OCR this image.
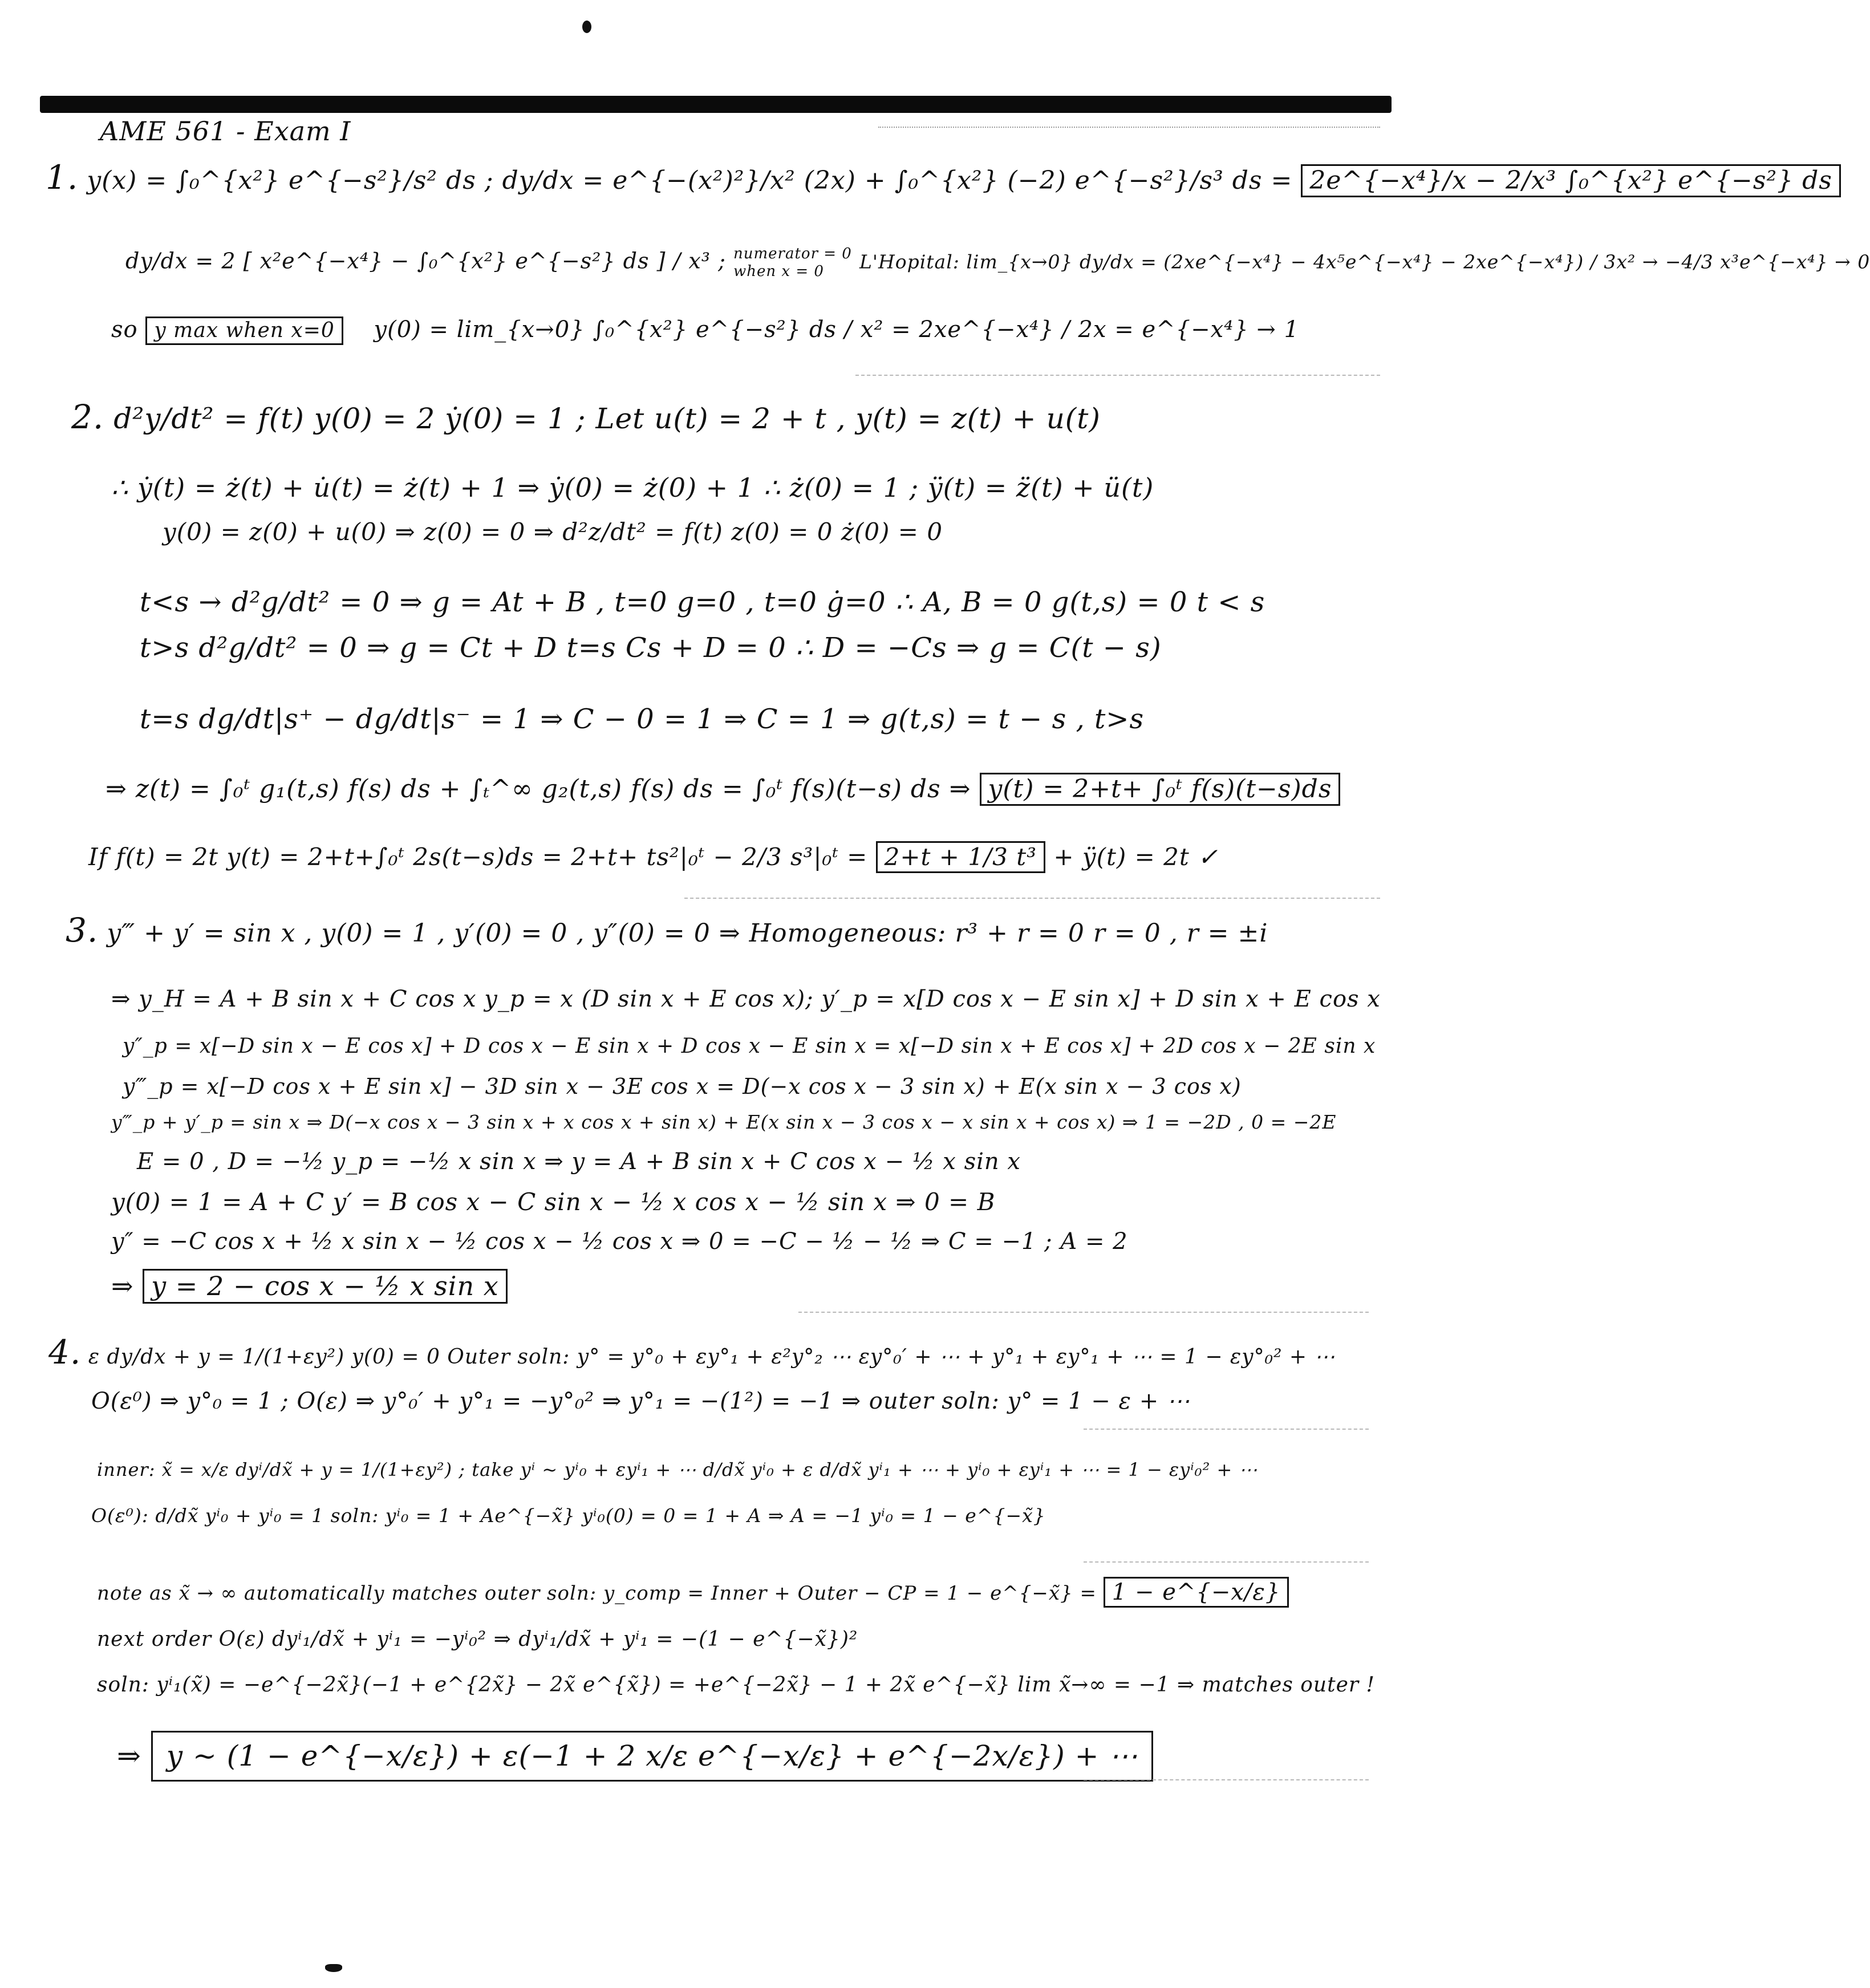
AME 561 - Exam I
1. y(x) = ∫₀^{x²} e^{−s²}/s² ds ; dy/dx = e^{−(x²)²}/x² (2x) + ∫₀^{x²} (−2) e^{−s²}/s³ ds = 2e^{−x⁴}/x − 2/x³ ∫₀^{x²} e^{−s²} ds
dy/dx = 2 [ x²e^{−x⁴} − ∫₀^{x²} e^{−s²} ds ] / x³ ; numerator = 0
when x = 0	L'Hopital: lim_{x→0} dy/dx = (2xe^{−x⁴} − 4x⁵e^{−x⁴} − 2xe^{−x⁴}) / 3x² → −4/3 x³e^{−x⁴} → 0
so y max when x=0 y(0) = lim_{x→0} ∫₀^{x²} e^{−s²} ds / x² = 2xe^{−x⁴} / 2x = e^{−x⁴} → 1
2. d²y/dt² = f(t) y(0) = 2 ẏ(0) = 1 ; Let u(t) = 2 + t , y(t) = z(t) + u(t)
∴ ẏ(t) = ż(t) + u̇(t) = ż(t) + 1 ⇒ ẏ(0) = ż(0) + 1 ∴ ż(0) = 1 ; ÿ(t) = z̈(t) + ü(t)
y(0) = z(0) + u(0) ⇒ z(0) = 0 ⇒ d²z/dt² = f(t) z(0) = 0 ż(0) = 0
t<s → d²g/dt² = 0 ⇒ g = At + B , t=0 g=0 , t=0 ġ=0 ∴ A, B = 0 g(t,s) = 0 t < s
t>s d²g/dt² = 0 ⇒ g = Ct + D t=s Cs + D = 0 ∴ D = −Cs ⇒ g = C(t − s)
t=s dg/dt|s⁺ − dg/dt|s⁻ = 1 ⇒ C − 0 = 1 ⇒ C = 1 ⇒ g(t,s) = t − s , t>s
⇒ z(t) = ∫₀ᵗ g₁(t,s) f(s) ds + ∫ₜ^∞ g₂(t,s) f(s) ds = ∫₀ᵗ f(s)(t−s) ds ⇒ y(t) = 2+t+ ∫₀ᵗ f(s)(t−s)ds
If f(t) = 2t y(t) = 2+t+∫₀ᵗ 2s(t−s)ds = 2+t+ ts²|₀ᵗ − 2/3 s³|₀ᵗ = 2+t + 1/3 t³ + ÿ(t) = 2t ✓
3. y‴ + y′ = sin x , y(0) = 1 , y′(0) = 0 , y″(0) = 0 ⇒ Homogeneous: r³ + r = 0 r = 0 , r = ±i
⇒ y_H = A + B sin x + C cos x y_p = x (D sin x + E cos x); y′_p = x[D cos x − E sin x] + D sin x + E cos x
y″_p = x[−D sin x − E cos x] + D cos x − E sin x + D cos x − E sin x = x[−D sin x + E cos x] + 2D cos x − 2E sin x
y‴_p = x[−D cos x + E sin x] − 3D sin x − 3E cos x = D(−x cos x − 3 sin x) + E(x sin x − 3 cos x)
y‴_p + y′_p = sin x ⇒ D(−x cos x − 3 sin x + x cos x + sin x) + E(x sin x − 3 cos x − x sin x + cos x) ⇒ 1 = −2D , 0 = −2E
E = 0 , D = −½ y_p = −½ x sin x ⇒ y = A + B sin x + C cos x − ½ x sin x
y(0) = 1 = A + C y′ = B cos x − C sin x − ½ x cos x − ½ sin x ⇒ 0 = B
y″ = −C cos x + ½ x sin x − ½ cos x − ½ cos x ⇒ 0 = −C − ½ − ½ ⇒ C = −1 ; A = 2
⇒ y = 2 − cos x − ½ x sin x
4. ε dy/dx + y = 1/(1+εy²) y(0) = 0 Outer soln: y° = y°₀ + εy°₁ + ε²y°₂ ⋯ εy°₀′ + ⋯ + y°₁ + εy°₁ + ⋯ = 1 − εy°₀² + ⋯
O(ε⁰) ⇒ y°₀ = 1 ; O(ε) ⇒ y°₀′ + y°₁ = −y°₀² ⇒ y°₁ = −(1²) = −1 ⇒ outer soln: y° = 1 − ε + ⋯
inner: x̃ = x/ε dyⁱ/dx̃ + y = 1/(1+εy²) ; take yⁱ ~ yⁱ₀ + εyⁱ₁ + ⋯ d/dx̃ yⁱ₀ + ε d/dx̃ yⁱ₁ + ⋯ + yⁱ₀ + εyⁱ₁ + ⋯ = 1 − εyⁱ₀² + ⋯
O(ε⁰): d/dx̃ yⁱ₀ + yⁱ₀ = 1 soln: yⁱ₀ = 1 + Ae^{−x̃} yⁱ₀(0) = 0 = 1 + A ⇒ A = −1 yⁱ₀ = 1 − e^{−x̃}
note as x̃ → ∞ automatically matches outer soln: y_comp = Inner + Outer − CP = 1 − e^{−x̃} = 1 − e^{−x/ε}
next order O(ε) dyⁱ₁/dx̃ + yⁱ₁ = −yⁱ₀² ⇒ dyⁱ₁/dx̃ + yⁱ₁ = −(1 − e^{−x̃})²
soln: yⁱ₁(x̃) = −e^{−2x̃}(−1 + e^{2x̃} − 2x̃ e^{x̃}) = +e^{−2x̃} − 1 + 2x̃ e^{−x̃} lim x̃→∞ = −1 ⇒ matches outer !
⇒ y ~ (1 − e^{−x/ε}) + ε(−1 + 2 x/ε e^{−x/ε} + e^{−2x/ε}) + ⋯
